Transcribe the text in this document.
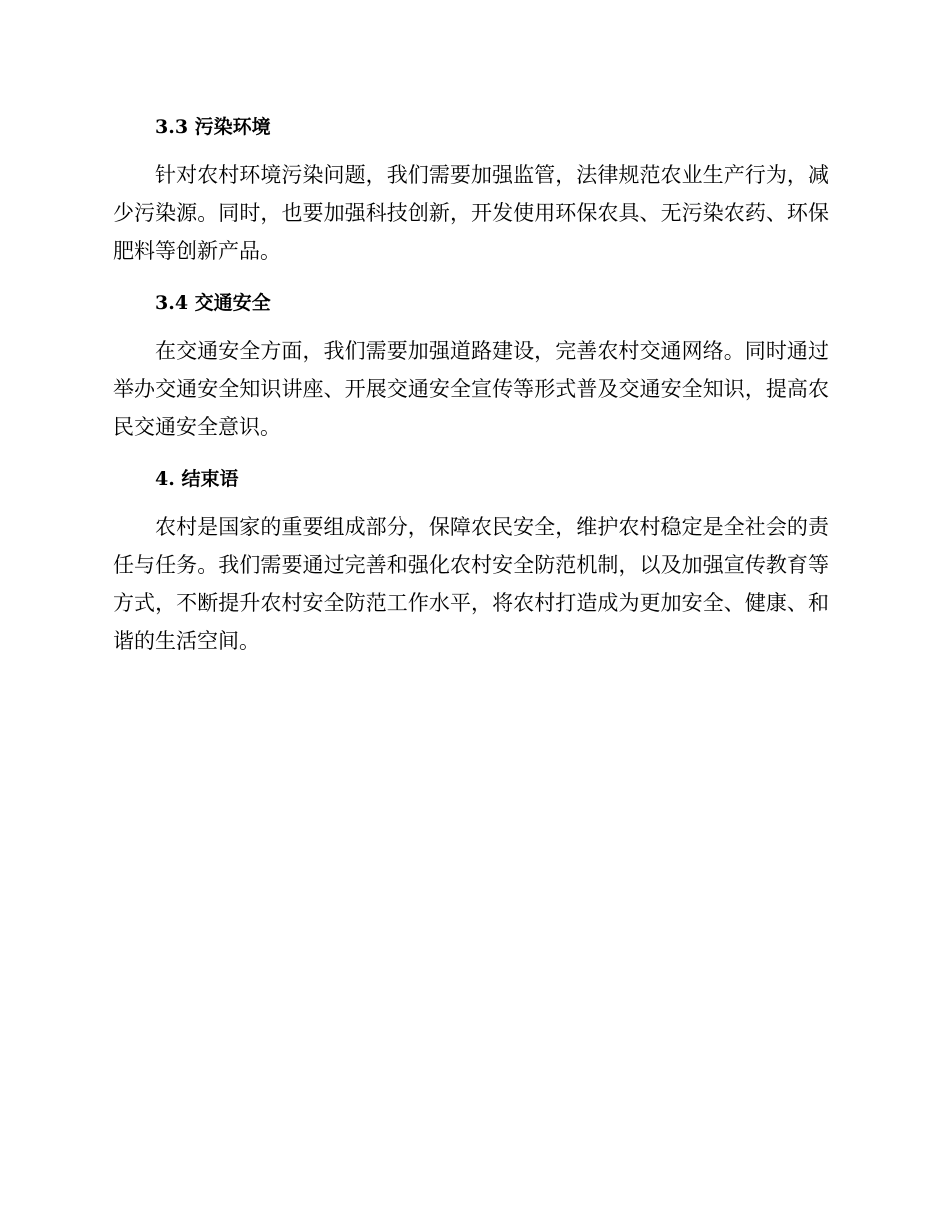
3.3 污染环境

针对农村环境污染问题，我们需要加强监管，法律规范农业生产行为，减少污染源。同时，也要加强科技创新，开发使用环保农具、无污染农药、环保肥料等创新产品。

3.4 交通安全

在交通安全方面，我们需要加强道路建设，完善农村交通网络。同时通过举办交通安全知识讲座、开展交通安全宣传等形式普及交通安全知识，提高农民交通安全意识。

4. 结束语

农村是国家的重要组成部分，保障农民安全，维护农村稳定是全社会的责任与任务。我们需要通过完善和强化农村安全防范机制，以及加强宣传教育等方式，不断提升农村安全防范工作水平，将农村打造成为更加安全、健康、和谐的生活空间。
